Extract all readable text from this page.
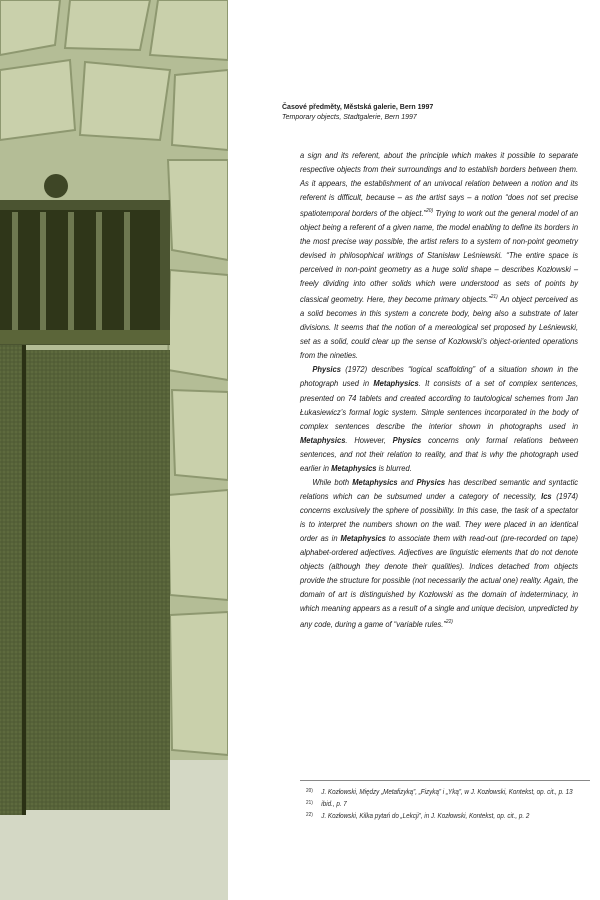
Časové předměty, Městská galerie, Bern 1997
Temporary objects, Stadtgalerie, Bern 1997

a sign and its referent, about the principle which makes it possible to separate respective objects from their surroundings and to establish borders between them. As it appears, the establishment of an univocal relation between a notion and its referent is difficult, because – as the artist says – a notion “does not set precise spatiotemporal borders of the object.”$^{20)}$ Trying to work out the general model of an object being a referent of a given name, the model enabling to define its borders in the most precise way possible, the artist refers to a system of non-point geometry devised in philosophical writings of Stanisław Leśniewski. “The entire space is perceived in non-point geometry as a huge solid shape – describes Kozłowski – freely dividing into other solids which were understood as sets of points by classical geometry. Here, they become primary objects.”$^{21)}$ An object perceived as a solid becomes in this system a concrete body, being also a substrate of later divisions. It seems that the notion of a mereological set proposed by Leśniewski, set as a solid, could clear up the sense of Kozłowski’s object-oriented operations from the nineties.

Physics (1972) describes “logical scaffolding” of a situation shown in the photograph used in Metaphysics. It consists of a set of complex sentences, presented on 74 tablets and created according to tautological schemes from Jan Łukasiewicz’s formal logic system. Simple sentences incorporated in the body of complex sentences describe the interior shown in photographs used in Metaphysics. However, Physics concerns only formal relations between sentences, and not their relation to reality, and that is why the photograph used earlier in Metaphysics is blurred.

While both Metaphysics and Physics has described semantic and syntactic relations which can be subsumed under a category of necessity, Ics (1974) concerns exclusively the sphere of possibility. In this case, the task of a spectator is to interpret the numbers shown on the wall. They were placed in an identical order as in Metaphysics to associate them with read-out (pre-recorded on tape) alphabet-ordered adjectives. Adjectives are linguistic elements that do not denote objects (although they denote their qualities). Indices detached from objects provide the structure for possible (not necessarily the actual one) reality. Again, the domain of art is distinguished by Kozłowski as the domain of indeterminacy, in which meaning appears as a result of a single and unique decision, unpredicted by any code, during a game of “variable rules.”$^{22)}$

20) J. Kozłowski, Między „Metafizyką”, „Fizyką” i „Yką”, w J. Kozłowski, Kontekst, op. cit., p. 13
21) ibid., p. 7
22) J. Kozłowski, Kilka pytań do „Lekcji”, in J. Kozłowski, Kontekst, op. cit., p. 2
